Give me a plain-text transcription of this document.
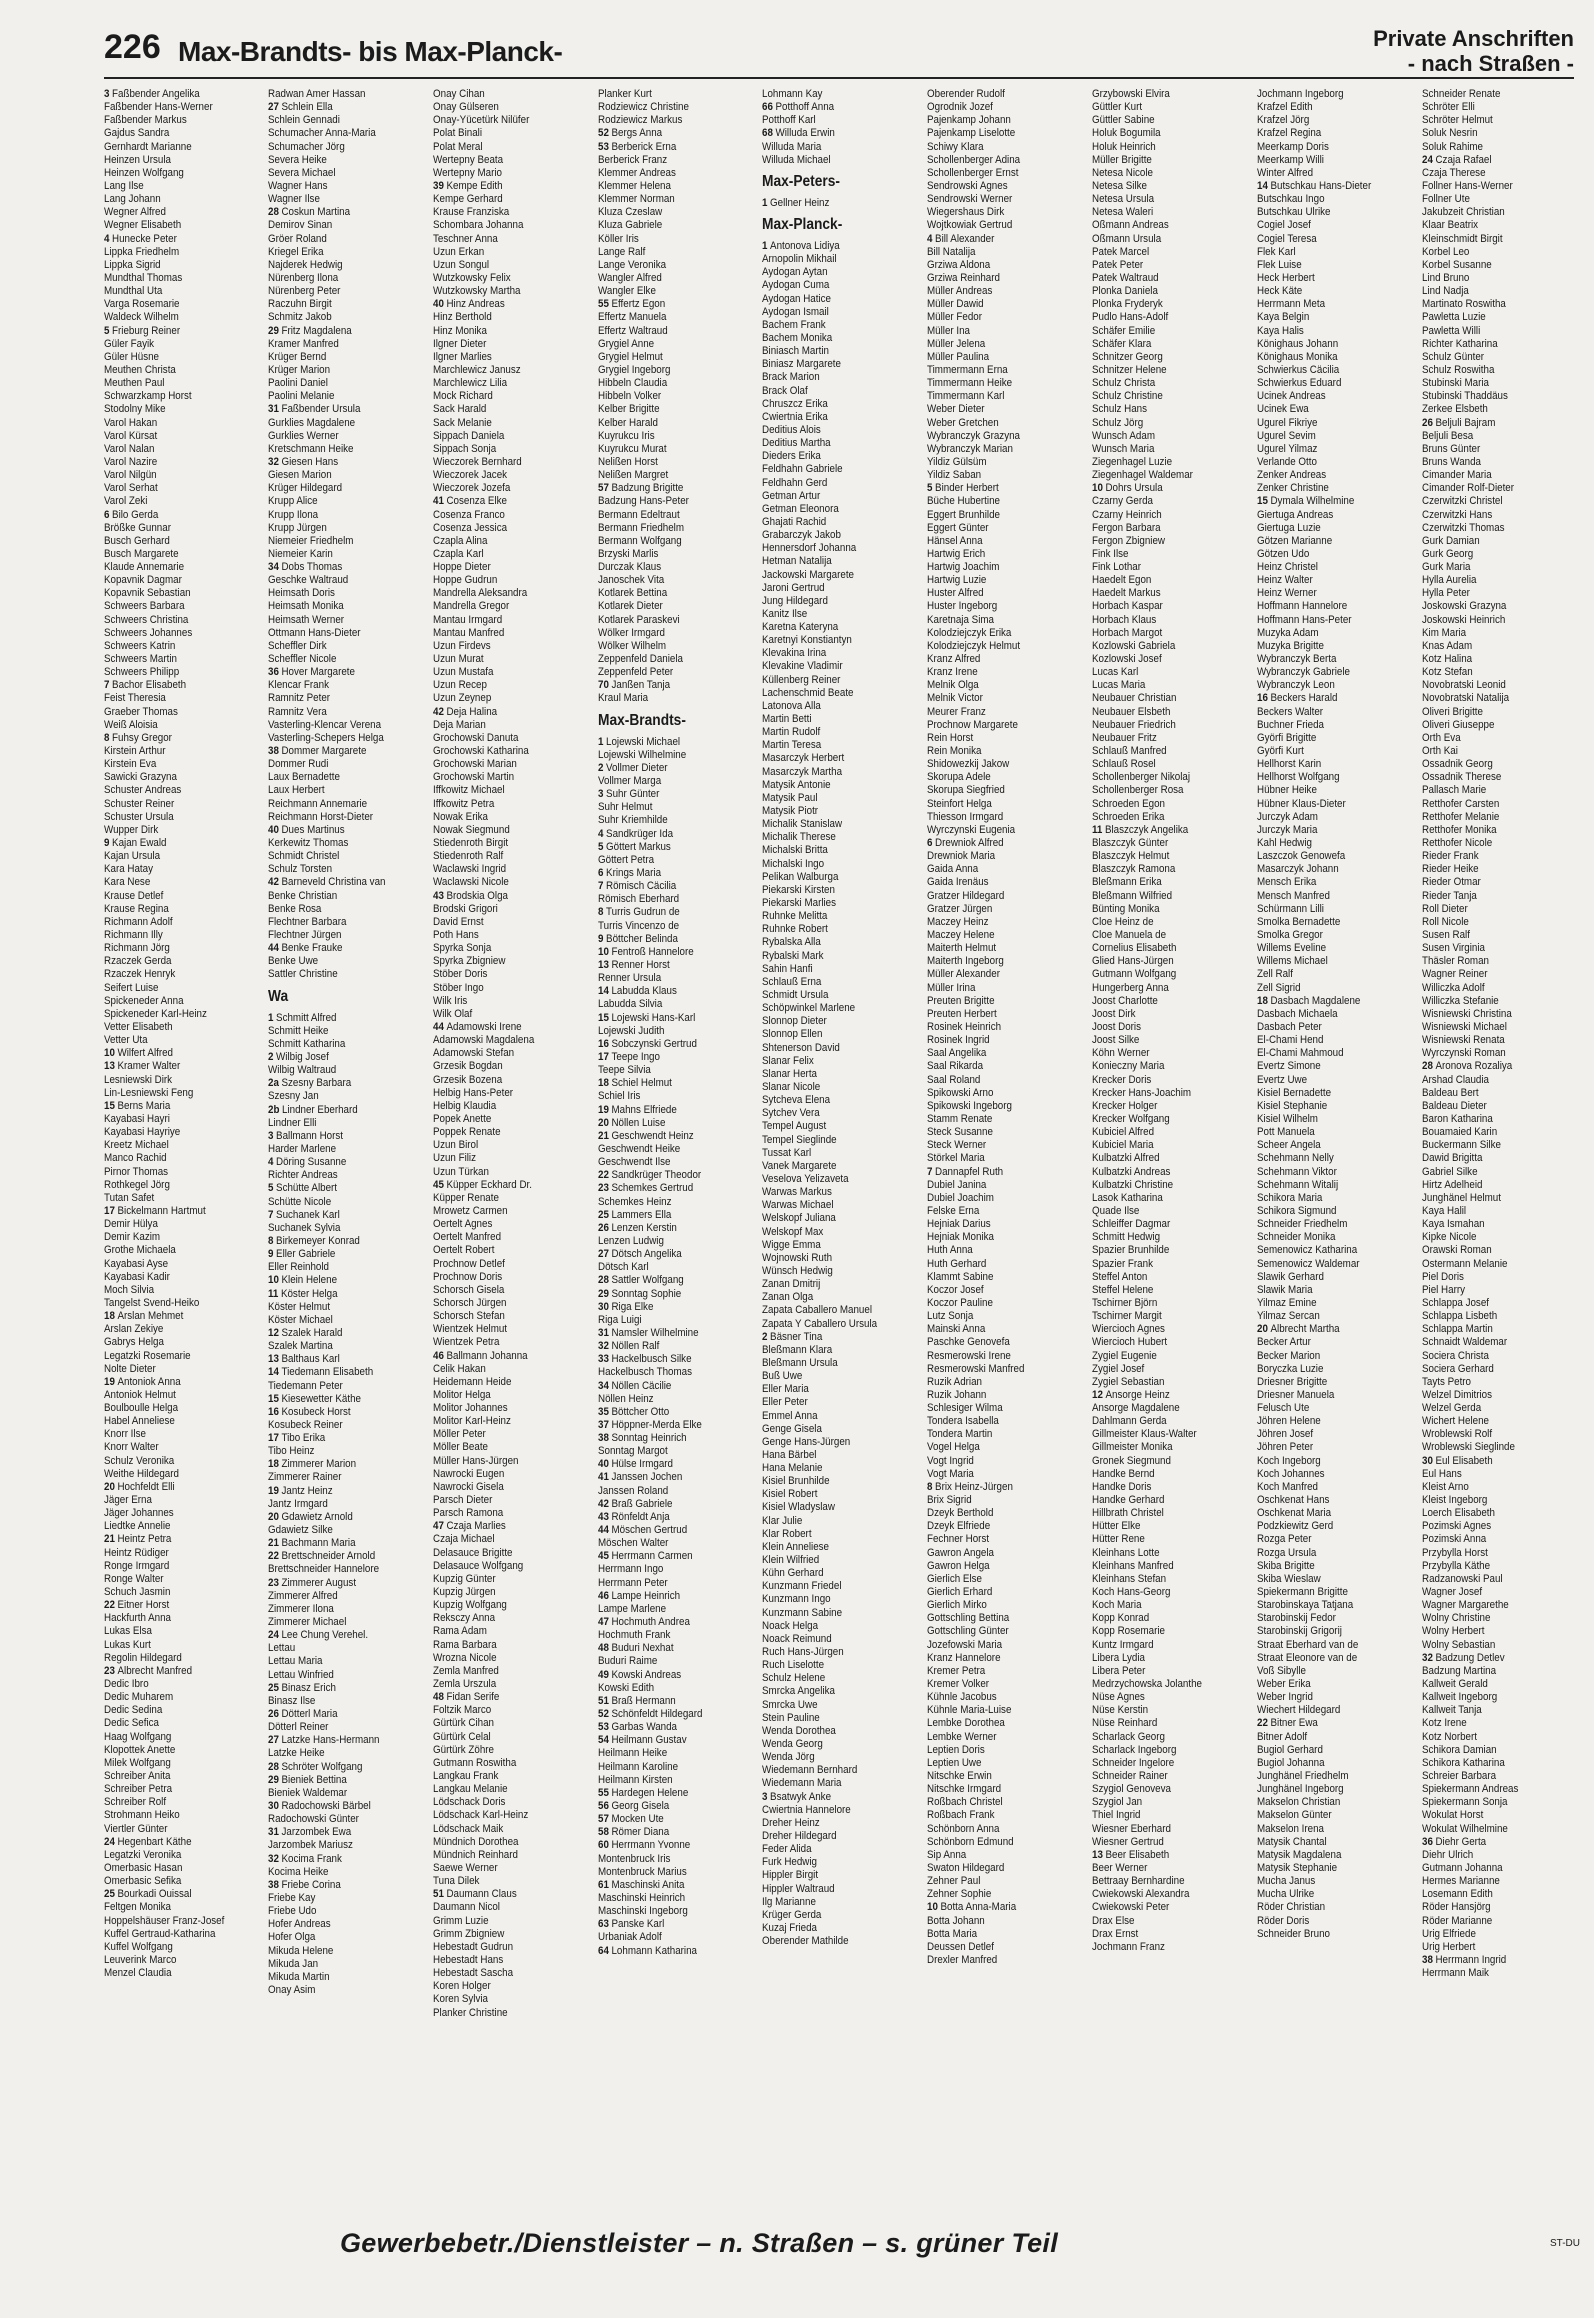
226 Max-Brandts- bis Max-Planck-	Private Anschriften
- nach Straßen -
3 Faßbender Angelika
Faßbender Hans-Werner
Faßbender Markus
Gajdus Sandra
Gernhardt Marianne
Heinzen Ursula
Heinzen Wolfgang
Lang Ilse
Lang Johann
Wegner Alfred
Wegner Elisabeth
4 Hunecke Peter
Lippka Friedhelm
Lippka Sigrid
Mundthal Thomas
Mundthal Uta
Varga Rosemarie
Waldeck Wilhelm
5 Frieburg Reiner
Güler Fayik
Güler Hüsne
Meuthen Christa
Meuthen Paul
Schwarzkamp Horst
Stodolny Mike
Varol Hakan
Varol Kürsat
Varol Nalan
Varol Nazire
Varol Nilgün
Varol Serhat
Varol Zeki
6 Bilo Gerda
Brößke Gunnar
Busch Gerhard
Busch Margarete
Klaude Annemarie
Kopavnik Dagmar
Kopavnik Sebastian
Schweers Barbara
Schweers Christina
Schweers Johannes
Schweers Katrin
Schweers Martin
Schweers Philipp
7 Bachor Elisabeth
Feist Theresia
Graeber Thomas
Weiß Aloisia
8 Fuhsy Gregor
Kirstein Arthur
Kirstein Eva
Sawicki Grazyna
Schuster Andreas
Schuster Reiner
Schuster Ursula
Wupper Dirk
9 Kajan Ewald
Kajan Ursula
Kara Hatay
Kara Nese
Krause Detlef
Krause Regina
Richmann Adolf
Richmann Illy
Richmann Jörg
Rzaczek Gerda
Rzaczek Henryk
Seifert Luise
Spickeneder Anna
Spickeneder Karl-Heinz
Vetter Elisabeth
Vetter Uta
10 Wilfert Alfred
13 Kramer Walter
Lesniewski Dirk
Lin-Lesniewski Feng
15 Berns Maria
Kayabasi Hayri
Kayabasi Hayriye
Kreetz Michael
Manco Rachid
Pirnor Thomas
Rothkegel Jörg
Tutan Safet
17 Bickelmann Hartmut
Demir Hülya
Demir Kazim
Grothe Michaela
Kayabasi Ayse
Kayabasi Kadir
Moch Silvia
Tangelst Svend-Heiko
18 Arslan Mehmet
Arslan Zekiye
Gabrys Helga
Legatzki Rosemarie
Nolte Dieter
19 Antoniok Anna
Antoniok Helmut
Boulboulle Helga
Habel Anneliese
Knorr Ilse
Knorr Walter
Schulz Veronika
Weithe Hildegard
20 Hochfeldt Elli
Jäger Erna
Jäger Johannes
Liedtke Annelie
21 Heintz Petra
Heintz Rüdiger
Ronge Irmgard
Ronge Walter
Schuch Jasmin
22 Eitner Horst
Hackfurth Anna
Lukas Elsa
Lukas Kurt
Regolin Hildegard
23 Albrecht Manfred
Dedic Ibro
Dedic Muharem
Dedic Sedina
Dedic Sefica
Haag Wolfgang
Klopottek Anette
Milek Wolfgang
Schreiber Anita
Schreiber Petra
Schreiber Rolf
Strohmann Heiko
Viertler Günter
24 Hegenbart Käthe
Legatzki Veronika
Omerbasic Hasan
Omerbasic Sefika
25 Bourkadi Ouissal
Feltgen Monika
Hoppelshäuser Franz-Josef
Kuffel Gertraud-Katharina
Kuffel Wolfgang
Leuverink Marco
Menzel Claudia
Radwan Amer Hassan
27 Schlein Ella
Schlein Gennadi
Schumacher Anna-Maria
Schumacher Jörg
Severa Heike
Severa Michael
Wagner Hans
Wagner Ilse
28 Coskun Martina
Demirov Sinan
Gröer Roland
Kriegel Erika
Najderek Hedwig
Nürenberg Ilona
Nürenberg Peter
Raczuhn Birgit
Schmitz Jakob
29 Fritz Magdalena
Kramer Manfred
Krüger Bernd
Krüger Marion
Paolini Daniel
Paolini Melanie
31 Faßbender Ursula
Gurklies Magdalene
Gurklies Werner
Kretschmann Heike
32 Giesen Hans
Giesen Marion
Krüger Hildegard
Krupp Alice
Krupp Ilona
Krupp Jürgen
Niemeier Friedhelm
Niemeier Karin
34 Dobs Thomas
Geschke Waltraud
Heimsath Doris
Heimsath Monika
Heimsath Werner
Ottmann Hans-Dieter
Scheffler Dirk
Scheffler Nicole
36 Hover Margarete
Klencar Frank
Ramnitz Peter
Ramnitz Vera
Vasterling-Klencar Verena
Vasterling-Schepers Helga
38 Dommer Margarete
Dommer Rudi
Laux Bernadette
Laux Herbert
Reichmann Annemarie
Reichmann Horst-Dieter
40 Dues Martinus
Kerkewitz Thomas
Schmidt Christel
Schulz Torsten
42 Barneveld Christina van
Benke Christian
Benke Rosa
Flechtner Barbara
Flechtner Jürgen
44 Benke Frauke
Benke Uwe
Sattler Christine
Wa
1 Schmitt Alfred
Schmitt Heike
Schmitt Katharina
2 Wilbig Josef
Wilbig Waltraud
2a Szesny Barbara
Szesny Jan
2b Lindner Eberhard
Lindner Elli
3 Ballmann Horst
Harder Marlene
4 Döring Susanne
Richter Andreas
5 Schütte Albert
Schütte Nicole
7 Suchanek Karl
Suchanek Sylvia
8 Birkemeyer Konrad
9 Eller Gabriele
Eller Reinhold
10 Klein Helene
11 Köster Helga
Köster Helmut
Köster Michael
12 Szalek Harald
Szalek Martina
13 Balthaus Karl
14 Tiedemann Elisabeth
Tiedemann Peter
15 Kiesewetter Käthe
16 Kosubeck Horst
Kosubeck Reiner
17 Tibo Erika
Tibo Heinz
18 Zimmerer Marion
Zimmerer Rainer
19 Jantz Heinz
Jantz Irmgard
20 Gdawietz Arnold
Gdawietz Silke
21 Bachmann Maria
22 Brettschneider Arnold
Brettschneider Hannelore
23 Zimmerer August
Zimmerer Alfred
Zimmerer Ilona
Zimmerer Michael
24 Lee Chung Verehel.
Lettau
Lettau Maria
Lettau Winfried
25 Binasz Erich
Binasz Ilse
26 Dötterl Maria
Dötterl Reiner
27 Latzke Hans-Hermann
Latzke Heike
28 Schröter Wolfgang
29 Bieniek Bettina
Bieniek Waldemar
30 Radochowski Bärbel
Radochowski Günter
31 Jarzombek Ewa
Jarzombek Mariusz
32 Kocima Frank
Kocima Heike
38 Friebe Corina
Friebe Kay
Friebe Udo
Hofer Andreas
Hofer Olga
Mikuda Helene
Mikuda Jan
Mikuda Martin
Onay Asim
Onay Cihan
Onay Gülseren
Onay-Yücetürk Nilüfer
Polat Binali
Polat Meral
Wertepny Beata
Wertepny Mario
39 Kempe Edith
Kempe Gerhard
Krause Franziska
Schombara Johanna
Teschner Anna
Uzun Erkan
Uzun Songul
Wutzkowsky Felix
Wutzkowsky Martha
40 Hinz Andreas
Hinz Berthold
Hinz Monika
Ilgner Dieter
Ilgner Marlies
Marchlewicz Janusz
Marchlewicz Lilia
Mock Richard
Sack Harald
Sack Melanie
Sippach Daniela
Sippach Sonja
Wieczorek Bernhard
Wieczorek Jacek
Wieczorek Jozefa
41 Cosenza Elke
Cosenza Franco
Cosenza Jessica
Czapla Alina
Czapla Karl
Hoppe Dieter
Hoppe Gudrun
Mandrella Aleksandra
Mandrella Gregor
Mantau Irmgard
Mantau Manfred
Uzun Firdevs
Uzun Murat
Uzun Mustafa
Uzun Recep
Uzun Zeynep
42 Deja Halina
Deja Marian
Grochowski Danuta
Grochowski Katharina
Grochowski Marian
Grochowski Martin
Iffkowitz Michael
Iffkowitz Petra
Nowak Erika
Nowak Siegmund
Stiedenroth Birgit
Stiedenroth Ralf
Waclawski Ingrid
Waclawski Nicole
43 Brodskia Olga
Brodski Grigori
David Ernst
Poth Hans
Spyrka Sonja
Spyrka Zbigniew
Stöber Doris
Stöber Ingo
Wilk Iris
Wilk Olaf
44 Adamowski Irene
Adamowski Magdalena
Adamowski Stefan
Grzesik Bogdan
Grzesik Bozena
Helbig Hans-Peter
Helbig Klaudia
Popek Anette
Poppek Renate
Uzun Birol
Uzun Filiz
Uzun Türkan
45 Küpper Eckhard Dr.
Küpper Renate
Mrowetz Carmen
Oertelt Agnes
Oertelt Manfred
Oertelt Robert
Prochnow Detlef
Prochnow Doris
Schorsch Gisela
Schorsch Jürgen
Schorsch Stefan
Wientzek Helmut
Wientzek Petra
46 Ballmann Johanna
Celik Hakan
Heidemann Heide
Molitor Helga
Molitor Johannes
Molitor Karl-Heinz
Möller Peter
Möller Beate
Müller Hans-Jürgen
Nawrocki Eugen
Nawrocki Gisela
Parsch Dieter
Parsch Ramona
47 Czaja Marlies
Czaja Michael
Delasauce Brigitte
Delasauce Wolfgang
Kupzig Günter
Kupzig Jürgen
Kupzig Wolfgang
Reksczy Anna
Rama Adam
Rama Barbara
Wrozna Nicole
Zemla Manfred
Zemla Urszula
48 Fidan Serife
Foltzik Marco
Gürtürk Cihan
Gürtürk Celal
Gürtürk Zöhre
Gutmann Roswitha
Langkau Frank
Langkau Melanie
Lödschack Doris
Lödschack Karl-Heinz
Lödschack Maik
Mündnich Dorothea
Mündnich Reinhard
Saewe Werner
Tuna Dilek
51 Daumann Claus
Daumann Nicol
Grimm Luzie
Grimm Zbigniew
Hebestadt Gudrun
Hebestadt Hans
Hebestadt Sascha
Koren Holger
Koren Sylvia
Planker Christine
Planker Kurt
Rodziewicz Christine
Rodziewicz Markus
52 Bergs Anna
53 Berberick Erna
Berberick Franz
Klemmer Andreas
Klemmer Helena
Klemmer Norman
Kluza Czeslaw
Kluza Gabriele
Köller Iris
Lange Ralf
Lange Veronika
Wangler Alfred
Wangler Elke
55 Effertz Egon
Effertz Manuela
Effertz Waltraud
Grygiel Anne
Grygiel Helmut
Grygiel Ingeborg
Hibbeln Claudia
Hibbeln Volker
Kelber Brigitte
Kelber Harald
Kuyrukcu Iris
Kuyrukcu Murat
Nelißen Horst
Nelißen Margret
57 Badzung Brigitte
Badzung Hans-Peter
Bermann Edeltraut
Bermann Friedhelm
Bermann Wolfgang
Brzyski Marlis
Durczak Klaus
Janoschek Vita
Kotlarek Bettina
Kotlarek Dieter
Kotlarek Paraskevi
Wölker Irmgard
Wölker Wilhelm
Zeppenfeld Daniela
Zeppenfeld Peter
70 Janßen Tanja
Kraul Maria
Max-Brandts-
1 Lojewski Michael
Lojewski Wilhelmine
2 Vollmer Dieter
Vollmer Marga
3 Suhr Günter
Suhr Helmut
Suhr Kriemhilde
4 Sandkrüger Ida
5 Göttert Markus
Göttert Petra
6 Krings Maria
7 Römisch Cäcilia
Römisch Eberhard
8 Turris Gudrun de
Turris Vincenzo de
9 Böttcher Belinda
10 Fentroß Hannelore
13 Renner Horst
Renner Ursula
14 Labudda Klaus
Labudda Silvia
15 Lojewski Hans-Karl
Lojewski Judith
16 Sobczynski Gertrud
17 Teepe Ingo
Teepe Silvia
18 Schiel Helmut
Schiel Iris
19 Mahns Elfriede
20 Nöllen Luise
21 Geschwendt Heinz
Geschwendt Heike
Geschwendt Ilse
22 Sandkrüger Theodor
23 Schemkes Gertrud
Schemkes Heinz
25 Lammers Ella
26 Lenzen Kerstin
Lenzen Ludwig
27 Dötsch Angelika
Dötsch Karl
28 Sattler Wolfgang
29 Sonntag Sophie
30 Riga Elke
Riga Luigi
31 Namsler Wilhelmine
32 Nöllen Ralf
33 Hackelbusch Silke
Hackelbusch Thomas
34 Nöllen Cäcilie
Nöllen Heinz
35 Böttcher Otto
37 Höppner-Merda Elke
38 Sonntag Heinrich
Sonntag Margot
40 Hülse Irmgard
41 Janssen Jochen
Janssen Roland
42 Braß Gabriele
43 Rönfeldt Anja
44 Möschen Gertrud
Möschen Walter
45 Herrmann Carmen
Herrmann Ingo
Herrmann Peter
46 Lampe Heinrich
Lampe Marlene
47 Hochmuth Andrea
Hochmuth Frank
48 Buduri Nexhat
Buduri Raime
49 Kowski Andreas
Kowski Edith
51 Braß Hermann
52 Schönfeldt Hildegard
53 Garbas Wanda
54 Heilmann Gustav
Heilmann Heike
Heilmann Karoline
Heilmann Kirsten
55 Hardegen Helene
56 Georg Gisela
57 Mocken Ute
58 Römer Diana
60 Herrmann Yvonne
Montenbruck Iris
Montenbruck Marius
61 Maschinski Anita
Maschinski Heinrich
Maschinski Ingeborg
63 Panske Karl
Urbaniak Adolf
64 Lohmann Katharina
Lohmann Kay
66 Potthoff Anna
Potthoff Karl
68 Willuda Erwin
Willuda Maria
Willuda Michael
Max-Peters-
1 Gellner Heinz
Max-Planck-
1 Antonova Lidiya
Arnopolin Mikhail
Aydogan Aytan
Aydogan Cuma
Aydogan Hatice
Aydogan Ismail
Bachem Frank
Bachem Monika
Biniasch Martin
Biniasz Margarete
Brack Marion
Brack Olaf
Chruszcz Erika
Cwiertnia Erika
Deditius Alois
Deditius Martha
Dieders Erika
Feldhahn Gabriele
Feldhahn Gerd
Getman Artur
Getman Eleonora
Ghajati Rachid
Grabarczyk Jakob
Hennersdorf Johanna
Hetman Natalija
Jackowski Margarete
Jaroni Gertrud
Jung Hildegard
Kanitz Ilse
Karetna Kateryna
Karetnyi Konstiantyn
Klevakina Irina
Klevakine Vladimir
Küllenberg Reiner
Lachenschmid Beate
Latonova Alla
Martin Betti
Martin Rudolf
Martin Teresa
Masarczyk Herbert
Masarczyk Martha
Matysik Antonie
Matysik Paul
Matysik Piotr
Michalik Stanislaw
Michalik Therese
Michalski Britta
Michalski Ingo
Pelikan Walburga
Piekarski Kirsten
Piekarski Marlies
Ruhnke Melitta
Ruhnke Robert
Rybalska Alla
Rybalski Mark
Sahin Hanfi
Schlauß Erna
Schmidt Ursula
Schöpwinkel Marlene
Slonnop Dieter
Slonnop Ellen
Shtenerson David
Slanar Felix
Slanar Herta
Slanar Nicole
Sytcheva Elena
Sytchev Vera
Tempel August
Tempel Sieglinde
Tussat Karl
Vanek Margarete
Veselova Yelizaveta
Warwas Markus
Warwas Michael
Welskopf Juliana
Welskopf Max
Wigge Emma
Wojnowski Ruth
Wünsch Hedwig
Zanan Dmitrij
Zanan Olga
Zapata Caballero Manuel
Zapata Y Caballero Ursula
2 Bäsner Tina
Bleßmann Klara
Bleßmann Ursula
Buß Uwe
Eller Maria
Eller Peter
Emmel Anna
Genge Gisela
Genge Hans-Jürgen
Hana Bärbel
Hana Melanie
Kisiel Brunhilde
Kisiel Robert
Kisiel Wladyslaw
Klar Julie
Klar Robert
Klein Anneliese
Klein Wilfried
Kühn Gerhard
Kunzmann Friedel
Kunzmann Ingo
Kunzmann Sabine
Noack Helga
Noack Reimund
Ruch Hans-Jürgen
Ruch Liselotte
Schulz Helene
Smrcka Angelika
Smrcka Uwe
Stein Pauline
Wenda Dorothea
Wenda Georg
Wenda Jörg
Wiedemann Bernhard
Wiedemann Maria
3 Bsatwyk Anke
Cwiertnia Hannelore
Dreher Heinz
Dreher Hildegard
Feder Alida
Furk Hedwig
Hippler Birgit
Hippler Waltraud
Ilg Marianne
Krüger Gerda
Kuzaj Frieda
Oberender Mathilde
Oberender Rudolf
Ogrodnik Jozef
Pajenkamp Johann
Pajenkamp Liselotte
Schiwy Klara
Schollenberger Adina
Schollenberger Ernst
Sendrowski Agnes
Sendrowski Werner
Wiegershaus Dirk
Wojtkowiak Gertrud
4 Bill Alexander
Bill Natalija
Grziwa Aldona
Grziwa Reinhard
Müller Andreas
Müller Dawid
Müller Fedor
Müller Ina
Müller Jelena
Müller Paulina
Timmermann Erna
Timmermann Heike
Timmermann Karl
Weber Dieter
Weber Gretchen
Wybranczyk Grazyna
Wybranczyk Marian
Yildiz Gülsüm
Yildiz Saban
5 Binder Herbert
Büche Hubertine
Eggert Brunhilde
Eggert Günter
Hänsel Anna
Hartwig Erich
Hartwig Joachim
Hartwig Luzie
Huster Alfred
Huster Ingeborg
Karetnaja Sima
Kolodziejczyk Erika
Kolodziejczyk Helmut
Kranz Alfred
Kranz Irene
Melnik Olga
Melnik Victor
Meurer Franz
Prochnow Margarete
Rein Horst
Rein Monika
Shidowezkij Jakow
Skorupa Adele
Skorupa Siegfried
Steinfort Helga
Thiesson Irmgard
Wyrczynski Eugenia
6 Drewniok Alfred
Drewniok Maria
Gaida Anna
Gaida Irenäus
Gratzer Hildegard
Gratzer Jürgen
Maczey Heinz
Maczey Helene
Maiterth Helmut
Maiterth Ingeborg
Müller Alexander
Müller Irina
Preuten Brigitte
Preuten Herbert
Rosinek Heinrich
Rosinek Ingrid
Saal Angelika
Saal Rikarda
Saal Roland
Spikowski Arno
Spikowski Ingeborg
Stamm Renate
Steck Susanne
Steck Werner
Störkel Maria
7 Dannapfel Ruth
Dubiel Janina
Dubiel Joachim
Felske Erna
Hejniak Darius
Hejniak Monika
Huth Anna
Huth Gerhard
Klammt Sabine
Koczor Josef
Koczor Pauline
Lutz Sonja
Mainski Anna
Paschke Genovefa
Resmerowski Irene
Resmerowski Manfred
Ruzik Adrian
Ruzik Johann
Schlesiger Wilma
Tondera Isabella
Tondera Martin
Vogel Helga
Vogt Ingrid
Vogt Maria
8 Brix Heinz-Jürgen
Brix Sigrid
Dzeyk Berthold
Dzeyk Elfriede
Fechner Horst
Gawron Angela
Gawron Helga
Gierlich Else
Gierlich Erhard
Gierlich Mirko
Gottschling Bettina
Gottschling Günter
Jozefowski Maria
Kranz Hannelore
Kremer Petra
Kremer Volker
Kühnle Jacobus
Kühnle Maria-Luise
Lembke Dorothea
Lembke Werner
Leptien Doris
Leptien Uwe
Nitschke Erwin
Nitschke Irmgard
Roßbach Christel
Roßbach Frank
Schönborn Anna
Schönborn Edmund
Sip Anna
Swaton Hildegard
Zehner Paul
Zehner Sophie
10 Botta Anna-Maria
Botta Johann
Botta Maria
Deussen Detlef
Drexler Manfred
Grzybowski Elvira
Güttler Kurt
Güttler Sabine
Holuk Bogumila
Holuk Heinrich
Müller Brigitte
Netesa Nicole
Netesa Silke
Netesa Ursula
Netesa Waleri
Oßmann Andreas
Oßmann Ursula
Patek Marcel
Patek Peter
Patek Waltraud
Plonka Daniela
Plonka Fryderyk
Pudlo Hans-Adolf
Schäfer Emilie
Schäfer Klara
Schnitzer Georg
Schnitzer Helene
Schulz Christa
Schulz Christine
Schulz Hans
Schulz Jörg
Wunsch Adam
Wunsch Maria
Ziegenhagel Luzie
Ziegenhagel Waldemar
10 Dohrs Ursula
Czarny Gerda
Czarny Heinrich
Fergon Barbara
Fergon Zbigniew
Fink Ilse
Fink Lothar
Haedelt Egon
Haedelt Markus
Horbach Kaspar
Horbach Klaus
Horbach Margot
Kozlowski Gabriela
Kozlowski Josef
Lucas Karl
Lucas Maria
Neubauer Christian
Neubauer Elsbeth
Neubauer Friedrich
Neubauer Fritz
Schlauß Manfred
Schlauß Rosel
Schollenberger Nikolaj
Schollenberger Rosa
Schroeden Egon
Schroeden Erika
11 Blaszczyk Angelika
Blaszczyk Günter
Blaszczyk Helmut
Blaszczyk Ramona
Bleßmann Erika
Bleßmann Wilfried
Bünting Monika
Cloe Heinz de
Cloe Manuela de
Cornelius Elisabeth
Glied Hans-Jürgen
Gutmann Wolfgang
Hungerberg Anna
Joost Charlotte
Joost Dirk
Joost Doris
Joost Silke
Köhn Werner
Konieczny Maria
Krecker Doris
Krecker Hans-Joachim
Krecker Holger
Krecker Wolfgang
Kubiciel Alfred
Kubiciel Maria
Kulbatzki Alfred
Kulbatzki Andreas
Kulbatzki Christine
Lasok Katharina
Quade Ilse
Schleiffer Dagmar
Schmitt Hedwig
Spazier Brunhilde
Spazier Frank
Steffel Anton
Steffel Helene
Tschirner Björn
Tschirner Margit
Wiercioch Agnes
Wiercioch Hubert
Zygiel Eugenie
Zygiel Josef
Zygiel Sebastian
12 Ansorge Heinz
Ansorge Magdalene
Dahlmann Gerda
Gillmeister Klaus-Walter
Gillmeister Monika
Gronek Siegmund
Handke Bernd
Handke Doris
Handke Gerhard
Hillbrath Christel
Hütter Elke
Hütter Rene
Kleinhans Lotte
Kleinhans Manfred
Kleinhans Stefan
Koch Hans-Georg
Koch Maria
Kopp Konrad
Kopp Rosemarie
Kuntz Irmgard
Libera Lydia
Libera Peter
Medrzychowska Jolanthe
Nüse Agnes
Nüse Kerstin
Nüse Reinhard
Scharlack Georg
Scharlack Ingeborg
Schneider Ingelore
Schneider Rainer
Szygiol Genoveva
Szygiol Jan
Thiel Ingrid
Wiesner Eberhard
Wiesner Gertrud
13 Beer Elisabeth
Beer Werner
Bettraay Bernhardine
Cwiekowski Alexandra
Cwiekowski Peter
Drax Else
Drax Ernst
Jochmann Franz
Jochmann Ingeborg
Krafzel Edith
Krafzel Jörg
Krafzel Regina
Meerkamp Doris
Meerkamp Willi
Winter Alfred
14 Butschkau Hans-Dieter
Butschkau Ingo
Butschkau Ulrike
Cogiel Josef
Cogiel Teresa
Flek Karl
Flek Luise
Heck Herbert
Heck Käte
Herrmann Meta
Kaya Belgin
Kaya Halis
Könighaus Johann
Könighaus Monika
Schwierkus Cäcilia
Schwierkus Eduard
Ucinek Andreas
Ucinek Ewa
Ugurel Fikriye
Ugurel Sevim
Ugurel Yilmaz
Verlande Otto
Zenker Andreas
Zenker Christine
15 Dymala Wilhelmine
Giertuga Andreas
Giertuga Luzie
Götzen Marianne
Götzen Udo
Heinz Christel
Heinz Walter
Heinz Werner
Hoffmann Hannelore
Hoffmann Hans-Peter
Muzyka Adam
Muzyka Brigitte
Wybranczyk Berta
Wybranczyk Gabriele
Wybranczyk Leon
16 Beckers Harald
Beckers Walter
Buchner Frieda
Györfi Brigitte
Györfi Kurt
Hellhorst Karin
Hellhorst Wolfgang
Hübner Heike
Hübner Klaus-Dieter
Jurczyk Adam
Jurczyk Maria
Kahl Hedwig
Laszczok Genowefa
Masarczyk Johann
Mensch Erika
Mensch Manfred
Schürmann Lilli
Smolka Bernadette
Smolka Gregor
Willems Eveline
Willems Michael
Zell Ralf
Zell Sigrid
18 Dasbach Magdalene
Dasbach Michaela
Dasbach Peter
El-Chami Hend
El-Chami Mahmoud
Evertz Simone
Evertz Uwe
Kisiel Bernadette
Kisiel Stephanie
Kisiel Wilhelm
Pott Manuela
Scheer Angela
Schehmann Nelly
Schehmann Viktor
Schehmann Witalij
Schikora Maria
Schikora Sigmund
Schneider Friedhelm
Schneider Monika
Semenowicz Katharina
Semenowicz Waldemar
Slawik Gerhard
Slawik Maria
Yilmaz Emine
Yilmaz Sercan
20 Albrecht Martha
Becker Artur
Becker Marion
Boryczka Luzie
Driesner Brigitte
Driesner Manuela
Felusch Ute
Jöhren Helene
Jöhren Josef
Jöhren Peter
Koch Ingeborg
Koch Johannes
Koch Manfred
Oschkenat Hans
Oschkenat Maria
Podzkiewitz Gerd
Rozga Peter
Rozga Ursula
Skiba Brigitte
Skiba Wieslaw
Spiekermann Brigitte
Starobinskaya Tatjana
Starobinskij Fedor
Starobinskij Grigorij
Straat Eberhard van de
Straat Eleonore van de
Voß Sibylle
Weber Erika
Weber Ingrid
Wiechert Hildegard
22 Bitner Ewa
Bitner Adolf
Bugiol Gerhard
Bugiol Johanna
Junghänel Friedhelm
Junghänel Ingeborg
Makselon Christian
Makselon Günter
Makselon Irena
Matysik Chantal
Matysik Magdalena
Matysik Stephanie
Mucha Janus
Mucha Ulrike
Röder Christian
Röder Doris
Schneider Bruno
Schneider Renate
Schröter Elli
Schröter Helmut
Soluk Nesrin
Soluk Rahime
24 Czaja Rafael
Czaja Therese
Follner Hans-Werner
Follner Ute
Jakubzeit Christian
Klaar Beatrix
Kleinschmidt Birgit
Korbel Leo
Korbel Susanne
Lind Bruno
Lind Nadja
Martinato Roswitha
Pawletta Luzie
Pawletta Willi
Richter Katharina
Schulz Günter
Schulz Roswitha
Stubinski Maria
Stubinski Thaddäus
Zerkee Elsbeth
26 Beljuli Bajram
Beljuli Besa
Bruns Günter
Bruns Wanda
Cimander Maria
Cimander Rolf-Dieter
Czerwitzki Christel
Czerwitzki Hans
Czerwitzki Thomas
Gurk Damian
Gurk Georg
Gurk Maria
Hylla Aurelia
Hylla Peter
Joskowski Grazyna
Joskowski Heinrich
Kim Maria
Knas Adam
Kotz Halina
Kotz Stefan
Novobratski Leonid
Novobratski Natalija
Oliveri Brigitte
Oliveri Giuseppe
Orth Eva
Orth Kai
Ossadnik Georg
Ossadnik Therese
Pallasch Marie
Retthofer Carsten
Retthofer Melanie
Retthofer Monika
Retthofer Nicole
Rieder Frank
Rieder Heike
Rieder Otmar
Rieder Tanja
Roll Dieter
Roll Nicole
Susen Ralf
Susen Virginia
Thäsler Roman
Wagner Reiner
Williczka Adolf
Williczka Stefanie
Wisniewski Christina
Wisniewski Michael
Wisniewski Renata
Wyrczynski Roman
28 Aronova Rozaliya
Arshad Claudia
Baldeau Bert
Baldeau Dieter
Baron Katharina
Bouamaied Karin
Buckermann Silke
Dawid Brigitta
Gabriel Silke
Hirtz Adelheid
Junghänel Helmut
Kaya Halil
Kaya Ismahan
Kipke Nicole
Orawski Roman
Ostermann Melanie
Piel Doris
Piel Harry
Schlappa Josef
Schlappa Lisbeth
Schlappa Martin
Schnaidt Waldemar
Sociera Christa
Sociera Gerhard
Tayts Petro
Welzel Dimitrios
Welzel Gerda
Wichert Helene
Wroblewski Rolf
Wroblewski Sieglinde
30 Eul Elisabeth
Eul Hans
Kleist Arno
Kleist Ingeborg
Loerch Elisabeth
Pozimski Agnes
Pozimski Anna
Przybylla Horst
Przybylla Käthe
Radzanowski Paul
Wagner Josef
Wagner Margarethe
Wolny Christine
Wolny Herbert
Wolny Sebastian
32 Badzung Detlev
Badzung Martina
Kallweit Gerald
Kallweit Ingeborg
Kallweit Tanja
Kotz Irene
Kotz Norbert
Schikora Damian
Schikora Katharina
Schreier Barbara
Spiekermann Andreas
Spiekermann Sonja
Wokulat Horst
Wokulat Wilhelmine
36 Diehr Gerta
Diehr Ulrich
Gutmann Johanna
Hermes Marianne
Losemann Edith
Röder Hansjörg
Röder Marianne
Urig Elfriede
Urig Herbert
38 Herrmann Ingrid
Herrmann Maik
Gewerbebetr./Dienstleister – n. Straßen – s. grüner Teil	ST-DU
